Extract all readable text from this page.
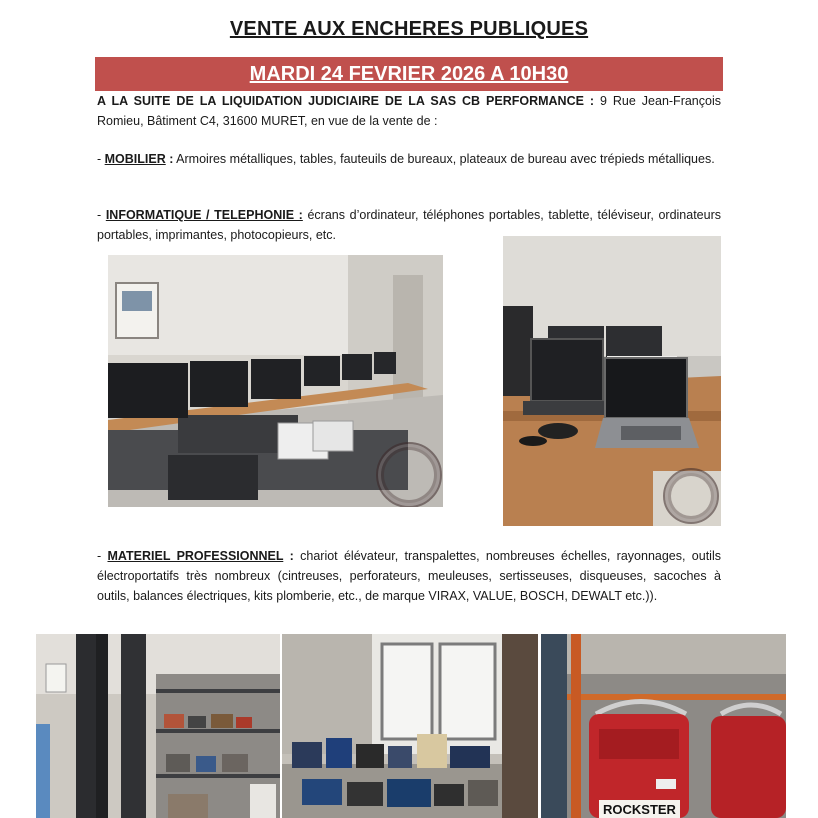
VENTE AUX ENCHERES PUBLIQUES
MARDI 24 FEVRIER 2026 A 10H30
A LA SUITE DE LA LIQUIDATION JUDICIAIRE DE LA SAS CB PERFORMANCE : 9 Rue Jean-François Romieu, Bâtiment C4, 31600 MURET, en vue de la vente de :
- MOBILIER : Armoires métalliques, tables, fauteuils de bureaux, plateaux de bureau avec trépieds métalliques.
- INFORMATIQUE / TELEPHONIE : écrans d’ordinateur, téléphones portables, tablette, téléviseur, ordinateurs portables, imprimantes, photocopieurs, etc.
- MATERIEL PROFESSIONNEL : chariot élévateur, transpalettes, nombreuses échelles, rayonnages, outils électroportatifs très nombreux (cintreuses, perforateurs, meuleuses, sertisseuses, disqueuses, sacoches à outils, balances électriques, kits plomberie, etc., de marque VIRAX, VALUE, BOSCH, DEWALT etc.)).
ROCKSTER
